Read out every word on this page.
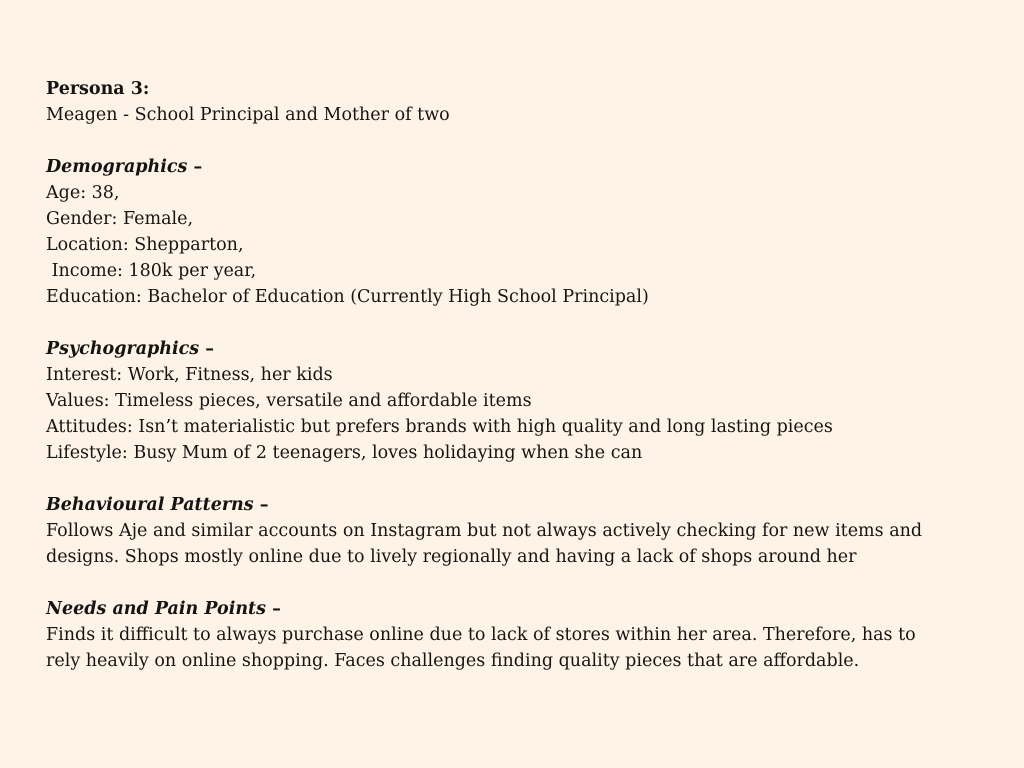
Persona 3:
Meagen - School Principal and Mother of two
Demographics –
Age: 38,
Gender: Female,
Location: Shepparton,
Income: 180k per year,
Education: Bachelor of Education (Currently High School Principal)
Psychographics –
Interest: Work, Fitness, her kids
Values: Timeless pieces, versatile and affordable items
Attitudes: Isn’t materialistic but prefers brands with high quality and long lasting pieces
Lifestyle: Busy Mum of 2 teenagers, loves holidaying when she can
Behavioural Patterns –
Follows Aje and similar accounts on Instagram but not always actively checking for new items and designs. Shops mostly online due to lively regionally and having a lack of shops around her
Needs and Pain Points –
Finds it difficult to always purchase online due to lack of stores within her area. Therefore, has to rely heavily on online shopping. Faces challenges finding quality pieces that are affordable.
